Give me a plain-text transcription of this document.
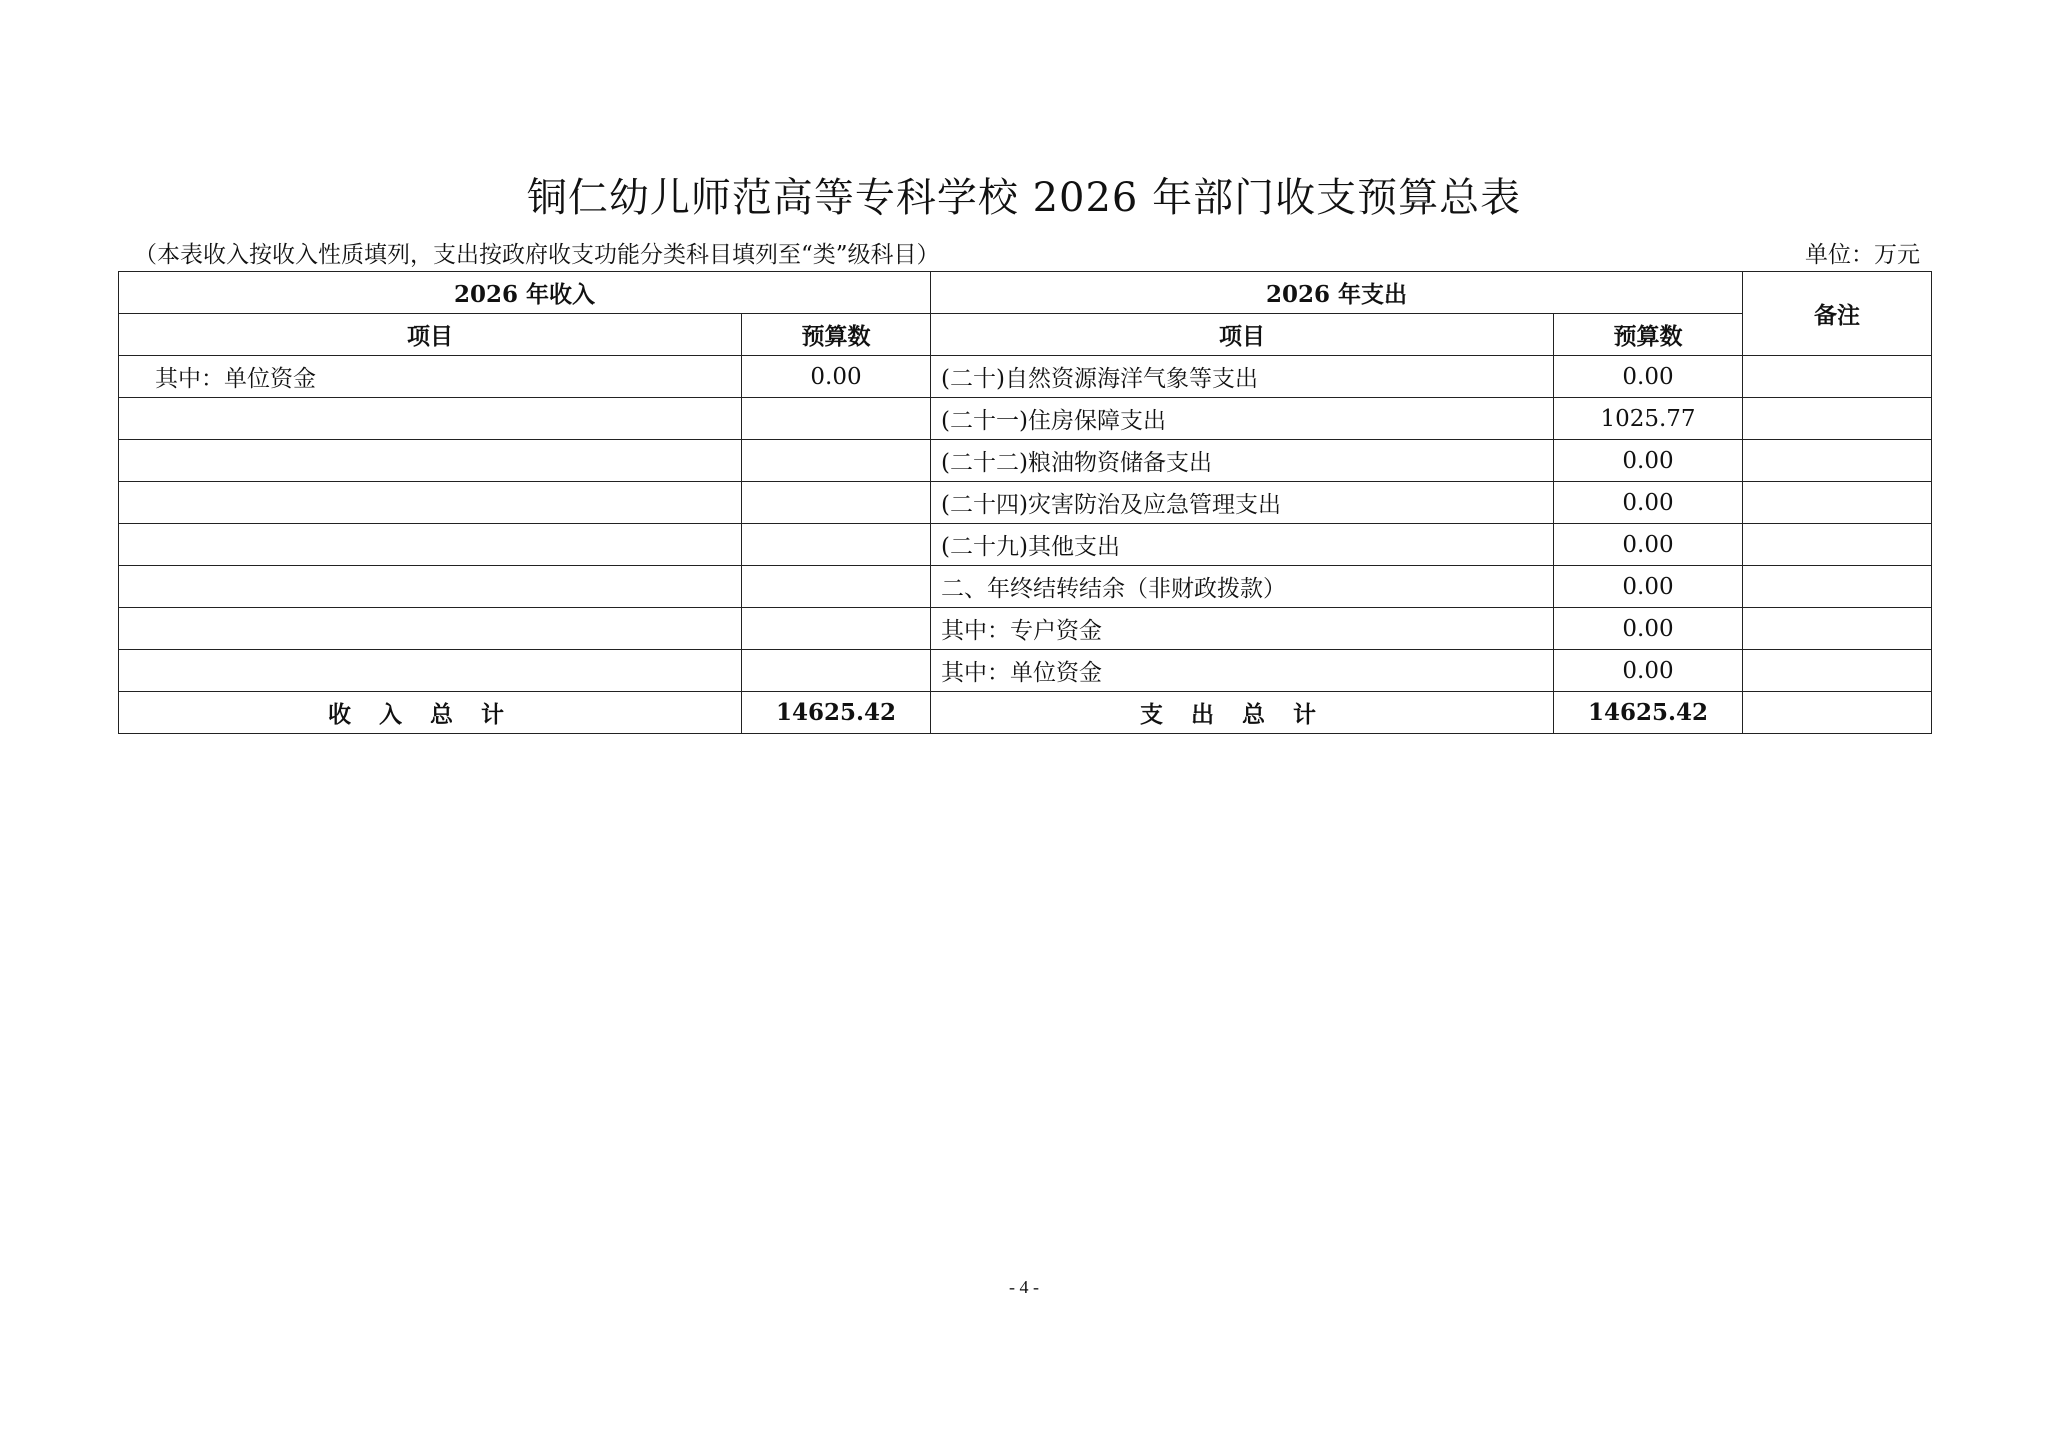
铜仁幼儿师范高等专科学校 2026 年部门收支预算总表
（本表收入按收入性质填列，支出按政府收支功能分类科目填列至“类”级科目）	单位：万元
2026 年收入		2026 年支出		备注
项目	预算数	项目	预算数	
其中：单位资金	0.00	(二十)自然资源海洋气象等支出	0.00	
		(二十一)住房保障支出	1025.77	
		(二十二)粮油物资储备支出	0.00	
		(二十四)灾害防治及应急管理支出	0.00	
		(二十九)其他支出	0.00	
		二、年终结转结余（非财政拨款）	0.00	
		其中：专户资金	0.00	
		其中：单位资金	0.00	
收入总计	14625.42	支出总计	14625.42	
- 4 -
